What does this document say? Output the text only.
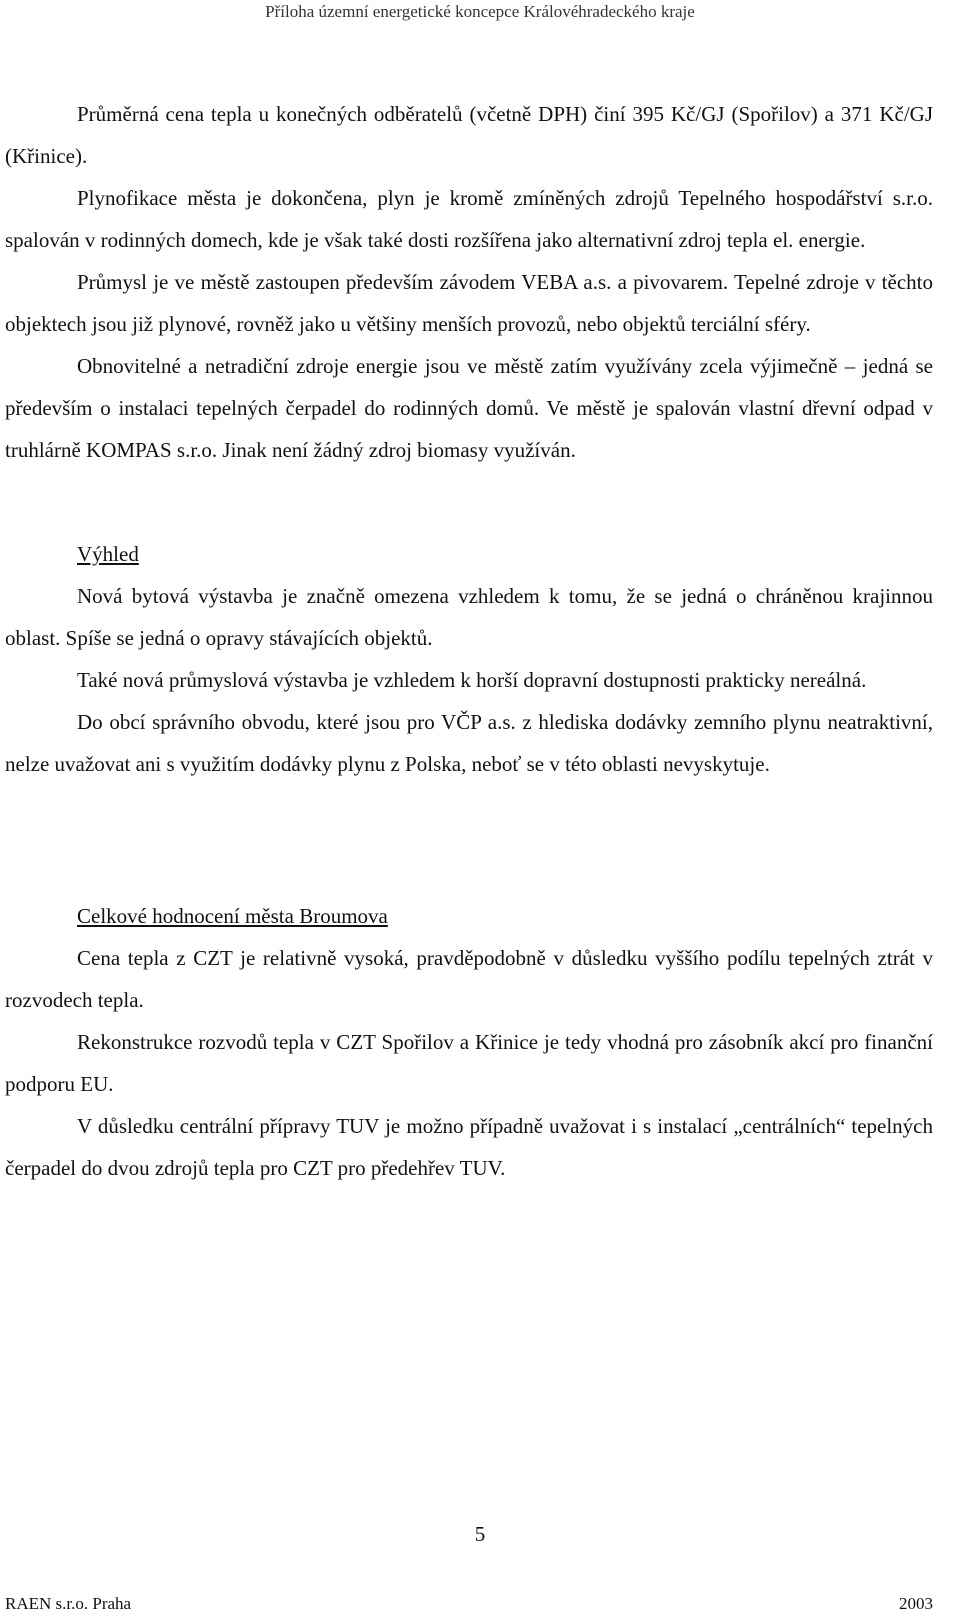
Příloha územní energetické koncepce Královéhradeckého kraje

Průměrná cena tepla u konečných odběratelů (včetně DPH) činí 395 Kč/GJ (Spořilov) a 371 Kč/GJ (Křinice).

Plynofikace města je dokončena, plyn je kromě zmíněných zdrojů Tepelného hospodářství s.r.o. spalován v rodinných domech, kde je však také dosti rozšířena jako alternativní zdroj tepla el. energie.

Průmysl je ve městě zastoupen především závodem VEBA a.s. a pivovarem. Tepelné zdroje v těchto objektech jsou již plynové, rovněž jako u většiny menších provozů, nebo objektů terciální sféry.

Obnovitelné a netradiční zdroje energie jsou ve městě zatím využívány zcela výjimečně – jedná se především o instalaci tepelných čerpadel do rodinných domů. Ve městě je spalován vlastní dřevní odpad v truhlárně KOMPAS s.r.o. Jinak není žádný zdroj biomasy využíván.

Výhled

Nová bytová výstavba je značně omezena vzhledem k tomu, že se jedná o chráněnou krajinnou oblast. Spíše se jedná o opravy stávajících objektů.

Také nová průmyslová výstavba je vzhledem k horší dopravní dostupnosti prakticky nereálná.

Do obcí správního obvodu, které jsou pro VČP a.s. z hlediska dodávky zemního plynu neatraktivní, nelze uvažovat ani s využitím dodávky plynu z Polska, neboť se v této oblasti nevyskytuje.

Celkové hodnocení města Broumova

Cena tepla z CZT je relativně vysoká, pravděpodobně v důsledku vyššího podílu tepelných ztrát v rozvodech tepla.

Rekonstrukce rozvodů tepla v CZT Spořilov a Křinice je tedy vhodná pro zásobník akcí pro finanční podporu EU.

V důsledku centrální přípravy TUV je možno případně uvažovat i s instalací „centrálních“ tepelných čerpadel do dvou zdrojů tepla pro CZT pro předehřev TUV.

5
RAEN s.r.o. Praha	2003
